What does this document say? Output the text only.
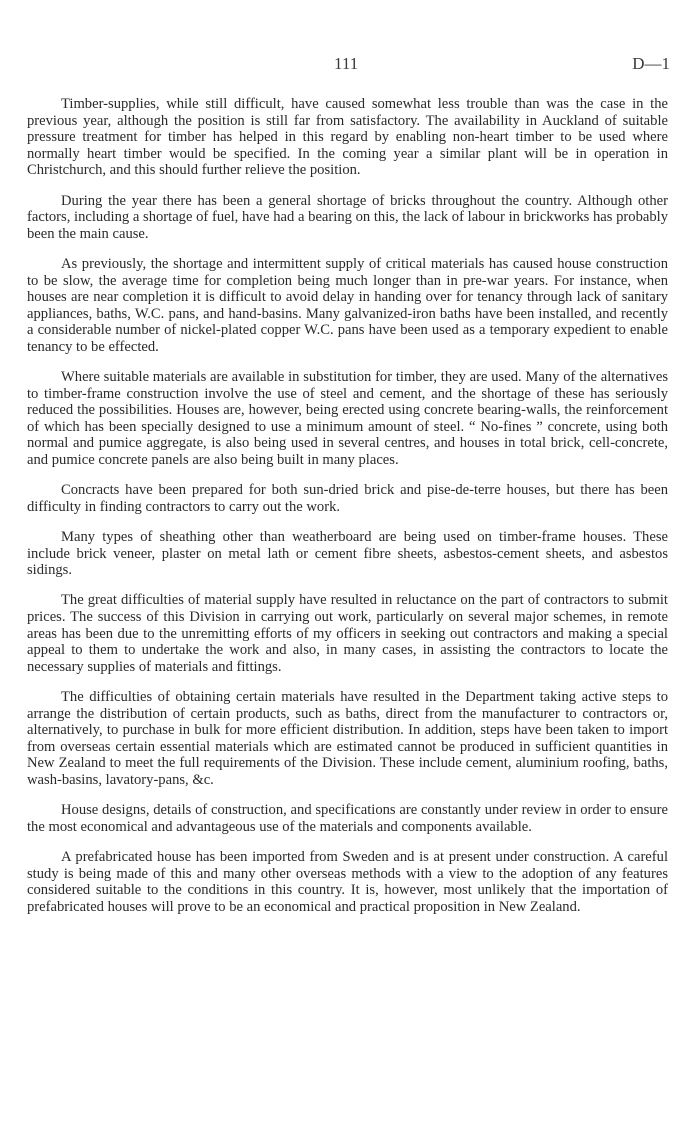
111	D—1

Timber-supplies, while still difficult, have caused somewhat less trouble than was the case in the previous year, although the position is still far from satisfactory. The availability in Auckland of suitable pressure treatment for timber has helped in this regard by enabling non-heart timber to be used where normally heart timber would be specified. In the coming year a similar plant will be in operation in Christchurch, and this should further relieve the position.

During the year there has been a general shortage of bricks throughout the country. Although other factors, including a shortage of fuel, have had a bearing on this, the lack of labour in brickworks has probably been the main cause.

As previously, the shortage and intermittent supply of critical materials has caused house construction to be slow, the average time for completion being much longer than in pre-war years. For instance, when houses are near completion it is difficult to avoid delay in handing over for tenancy through lack of sanitary appliances, baths, W.C. pans, and hand-basins. Many galvanized-iron baths have been installed, and recently a considerable number of nickel-plated copper W.C. pans have been used as a temporary expedient to enable tenancy to be effected.

Where suitable materials are available in substitution for timber, they are used. Many of the alternatives to timber-frame construction involve the use of steel and cement, and the shortage of these has seriously reduced the possibilities. Houses are, however, being erected using concrete bearing-walls, the reinforcement of which has been specially designed to use a minimum amount of steel. “ No-fines ” concrete, using both normal and pumice aggregate, is also being used in several centres, and houses in total brick, cell-concrete, and pumice concrete panels are also being built in many places.

Concracts have been prepared for both sun-dried brick and pise-de-terre houses, but there has been difficulty in finding contractors to carry out the work.

Many types of sheathing other than weatherboard are being used on timber-frame houses. These include brick veneer, plaster on metal lath or cement fibre sheets, asbestos-cement sheets, and asbestos sidings.

The great difficulties of material supply have resulted in reluctance on the part of contractors to submit prices. The success of this Division in carrying out work, particularly on several major schemes, in remote areas has been due to the unremitting efforts of my officers in seeking out contractors and making a special appeal to them to undertake the work and also, in many cases, in assisting the contractors to locate the necessary supplies of materials and fittings.

The difficulties of obtaining certain materials have resulted in the Department taking active steps to arrange the distribution of certain products, such as baths, direct from the manufacturer to contractors or, alternatively, to purchase in bulk for more efficient distribution. In addition, steps have been taken to import from overseas certain essential materials which are estimated cannot be produced in sufficient quantities in New Zealand to meet the full requirements of the Division. These include cement, aluminium roofing, baths, wash-basins, lavatory-pans, &c.

House designs, details of construction, and specifications are constantly under review in order to ensure the most economical and advantageous use of the materials and components available.

A prefabricated house has been imported from Sweden and is at present under construction. A careful study is being made of this and many other overseas methods with a view to the adoption of any features considered suitable to the conditions in this country. It is, however, most unlikely that the importation of prefabricated houses will prove to be an economical and practical proposition in New Zealand.
